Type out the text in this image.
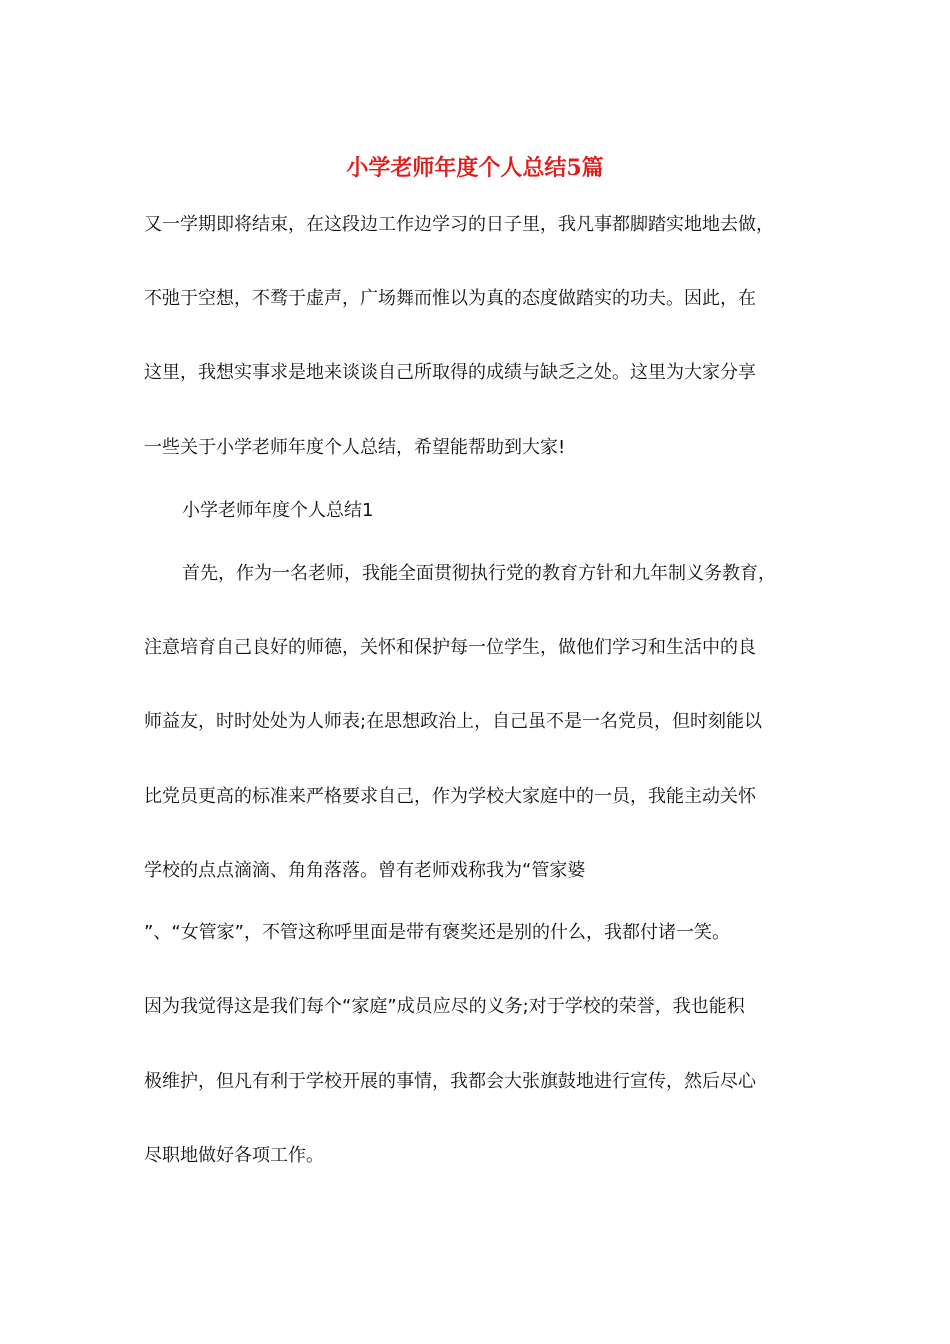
小学老师年度个人总结5篇

又一学期即将结束，在这段边工作边学习的日子里，我凡事都脚踏实地地去做，

不弛于空想，不骛于虚声，广场舞而惟以为真的态度做踏实的功夫。因此，在

这里，我想实事求是地来谈谈自己所取得的成绩与缺乏之处。这里为大家分享

一些关于小学老师年度个人总结，希望能帮助到大家!

小学老师年度个人总结1

首先，作为一名老师，我能全面贯彻执行党的教育方针和九年制义务教育，

注意培育自己良好的师德，关怀和保护每一位学生，做他们学习和生活中的良

师益友，时时处处为人师表;在思想政治上，自己虽不是一名党员，但时刻能以

比党员更高的标准来严格要求自己，作为学校大家庭中的一员，我能主动关怀

学校的点点滴滴、角角落落。曾有老师戏称我为“管家婆

”、“女管家”，不管这称呼里面是带有褒奖还是别的什么，我都付诸一笑。

因为我觉得这是我们每个“家庭”成员应尽的义务;对于学校的荣誉，我也能积

极维护，但凡有利于学校开展的事情，我都会大张旗鼓地进行宣传，然后尽心

尽职地做好各项工作。
